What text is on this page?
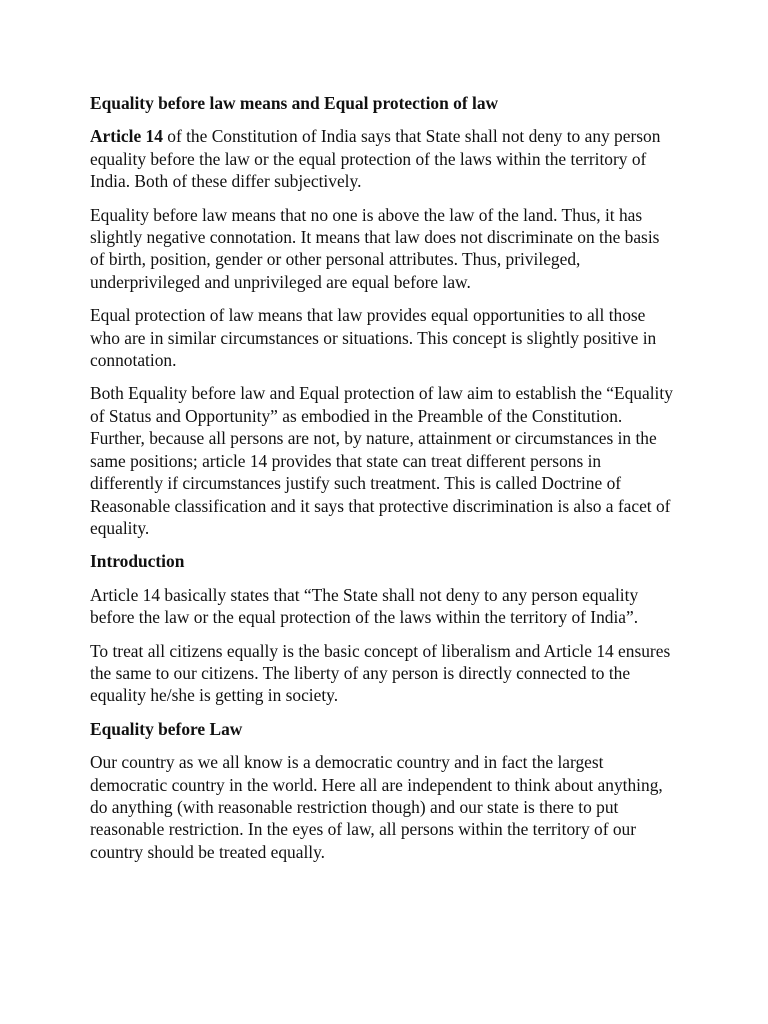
Equality before law means and Equal protection of law

Article 14 of the Constitution of India says that State shall not deny to any person equality before the law or the equal protection of the laws within the territory of India. Both of these differ subjectively.

Equality before law means that no one is above the law of the land. Thus, it has slightly negative connotation. It means that law does not discriminate on the basis of birth, position, gender or other personal attributes. Thus, privileged, underprivileged and unprivileged are equal before law.

Equal protection of law means that law provides equal opportunities to all those who are in similar circumstances or situations. This concept is slightly positive in connotation.

Both Equality before law and Equal protection of law aim to establish the “Equality of Status and Opportunity” as embodied in the Preamble of the Constitution. Further, because all persons are not, by nature, attainment or circumstances in the same positions; article 14 provides that state can treat different persons in differently if circumstances justify such treatment. This is called Doctrine of Reasonable classification and it says that protective discrimination is also a facet of equality.

Introduction

Article 14 basically states that “The State shall not deny to any person equality before the law or the equal protection of the laws within the territory of India”.

To treat all citizens equally is the basic concept of liberalism and Article 14 ensures the same to our citizens. The liberty of any person is directly connected to the equality he/she is getting in society.

Equality before Law

Our country as we all know is a democratic country and in fact the largest democratic country in the world. Here all are independent to think about anything, do anything (with reasonable restriction though) and our state is there to put reasonable restriction. In the eyes of law, all persons within the territory of our country should be treated equally.
